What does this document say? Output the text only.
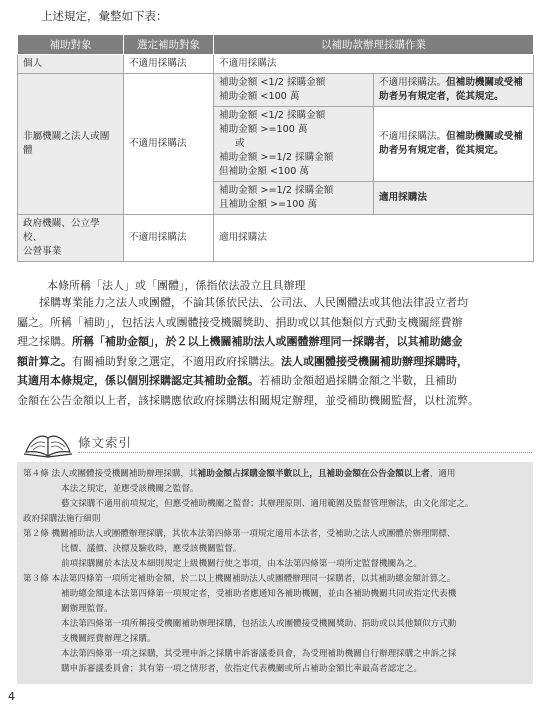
上述規定，彙整如下表：
補助對象	選定補助對象	以補助款辦理採購作業	
個人	不適用採購法	不適用採購法	
非屬機關之法人或團體	不適用採購法	補助金額 <1/2 採購金額
補助金額 <100 萬	不適用採購法。但補助機關或受補助者另有規定者，從其規定。

		補助金額 <1/2 採購金額
補助金額 >=100 萬
或
補助金額 >=1/2 採購金額
但補助金額 <100 萬	不適用採購法。但補助機關或受補助者另有規定者，從其規定。

		補助金額 >=1/2 採購金額
且補助金額 >=100 萬	適用採購法

政府機關、公立學校、
公營事業	不適用採購法	適用採購法	
本條所稱「法人」或「團體」，係指依法設立且具辦理
採購專業能力之法人或團體，不論其係依民法、公司法、人民團體法或其他法律設立者均
屬之。所稱「補助」，包括法人或團體接受機關獎助、捐助或以其他類似方式動支機關經費辦
理之採購。所稱「補助金額」，於２以上機關補助法人或團體辦理同一採購者，以其補助總金
額計算之。有關補助對象之選定，不適用政府採購法。法人或團體接受機關補助辦理採購時，
其適用本條規定，係以個別採購認定其補助金額。若補助金額超過採購金額之半數，且補助
金額在公告金額以上者，該採購應依政府採購法相關規定辦理，並受補助機關監督，以杜流弊。
條文索引
第４條 法人或團體接受機關補助辦理採購，其補助金額占採購金額半數以上，且補助金額在公告金額以上者，適用
本法之規定，並應受該機關之監督。
藝文採購不適用前項規定，但應受補助機關之監督；其辦理原則、適用範圍及監督管理辦法，由文化部定之。
政府採購法施行細則
第２條 機關補助法人或團體辦理採購，其依本法第四條第一項規定適用本法者，受補助之法人或團體於辦理開標、
比價、議價、決標及驗收時，應受該機關監督。
前項採購關於本法及本細則規定上級機關行使之事項，由本法第四條第一項所定監督機關為之。
第３條 本法第四條第一項所定補助金額，於二以上機關補助法人或團體辦理同一採購者，以其補助總金額計算之。
補助總金額達本法第四條第一項規定者，受補助者應通知各補助機關，並由各補助機關共同或指定代表機
關辦理監督。
本法第四條第一項所稱接受機關補助辦理採購，包括法人或團體接受機關獎助、捐助或以其他類似方式動
支機關經費辦理之採購。
本法第四條第一項之採購，其受理申訴之採購申訴審議委員會，為受理補助機關自行辦理採購之申訴之採
購申訴審議委員會；其有第一項之情形者，依指定代表機關或所占補助金額比率最高者認定之。
4
